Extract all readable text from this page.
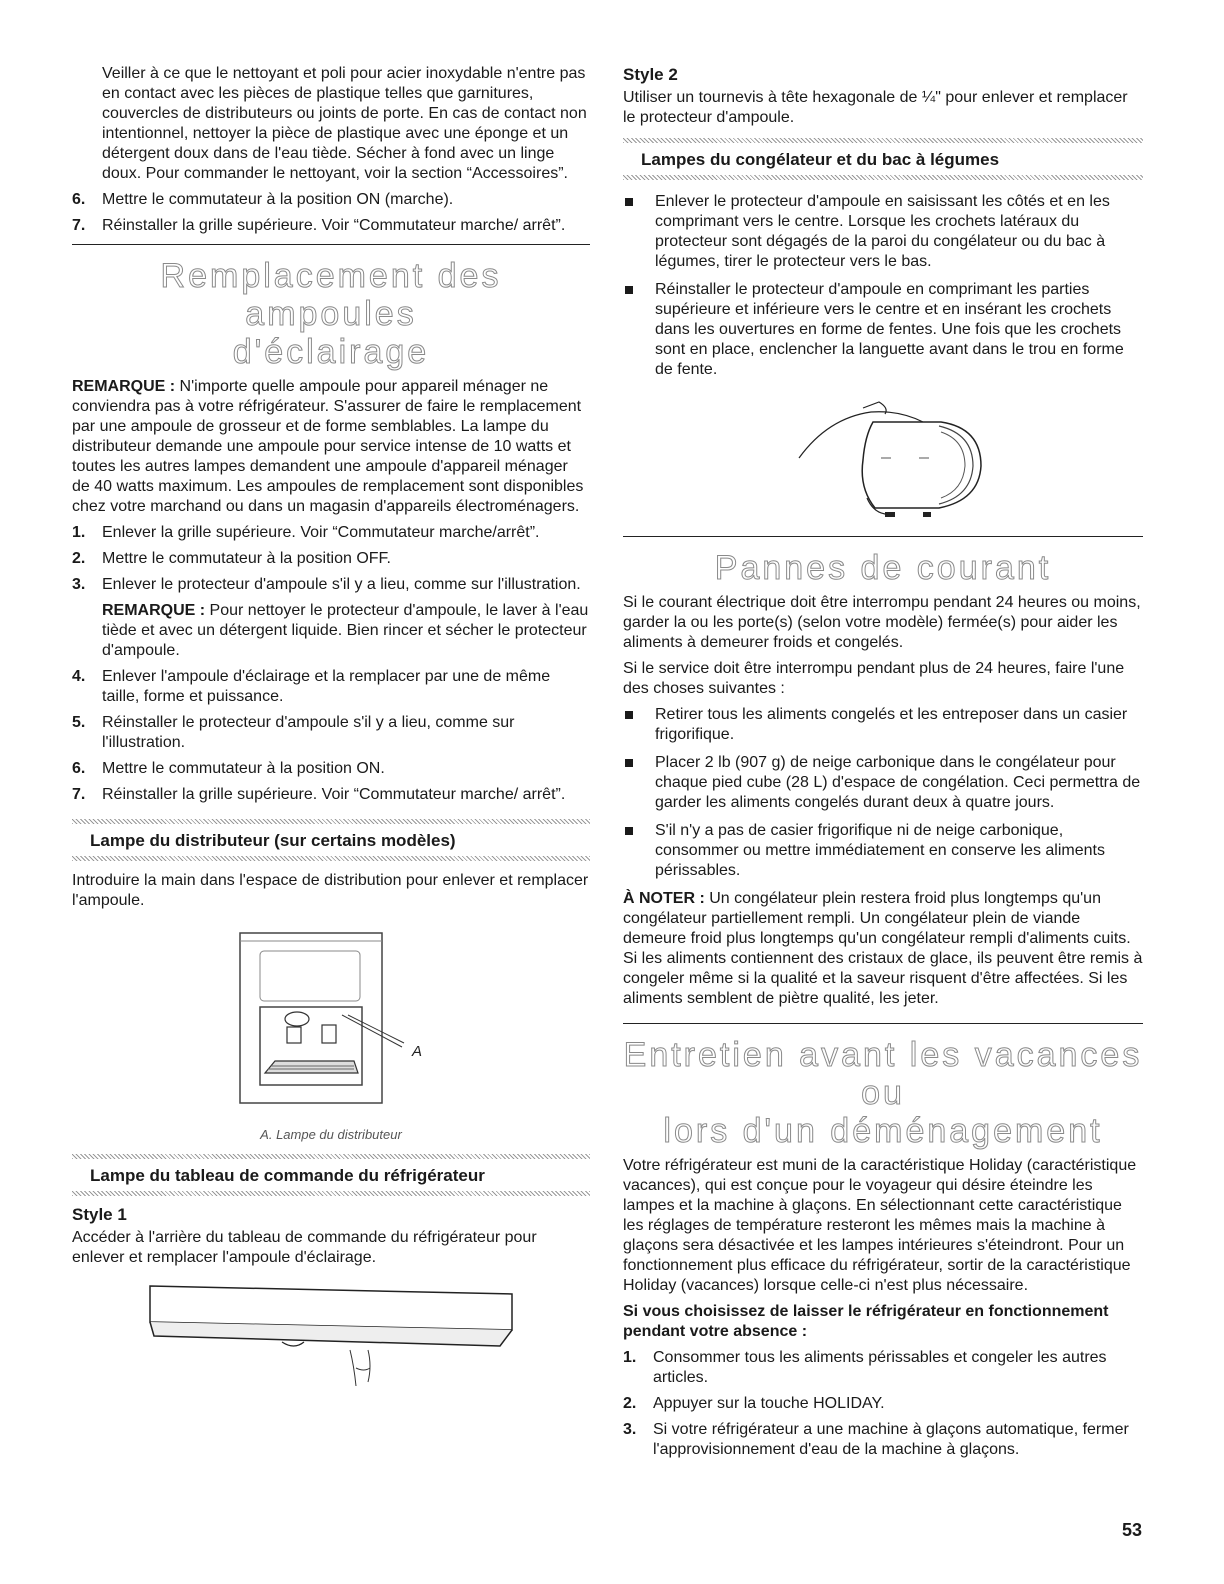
Veiller à ce que le nettoyant et poli pour acier inoxydable n'entre pas en contact avec les pièces de plastique telles que garnitures, couvercles de distributeurs ou joints de porte. En cas de contact non intentionnel, nettoyer la pièce de plastique avec une éponge et un détergent doux dans de l'eau tiède. Sécher à fond avec un linge doux. Pour commander le nettoyant, voir la section “Accessoires”.

6. Mettre le commutateur à la position ON (marche).
7. Réinstaller la grille supérieure. Voir “Commutateur marche/ arrêt”.
Remplacement des ampoules
d'éclairage

REMARQUE : N'importe quelle ampoule pour appareil ménager ne conviendra pas à votre réfrigérateur. S'assurer de faire le remplacement par une ampoule de grosseur et de forme semblables. La lampe du distributeur demande une ampoule pour service intense de 10 watts et toutes les autres lampes demandent une ampoule d'appareil ménager de 40 watts maximum. Les ampoules de remplacement sont disponibles chez votre marchand ou dans un magasin d'appareils électroménagers.

1. Enlever la grille supérieure. Voir “Commutateur marche/arrêt”.
2. Mettre le commutateur à la position OFF.
3. Enlever le protecteur d'ampoule s'il y a lieu, comme sur l'illustration.

REMARQUE : Pour nettoyer le protecteur d'ampoule, le laver à l'eau tiède et avec un détergent liquide. Bien rincer et sécher le protecteur d'ampoule.

4. Enlever l'ampoule d'éclairage et la remplacer par une de même taille, forme et puissance.
5. Réinstaller le protecteur d'ampoule s'il y a lieu, comme sur l'illustration.
6. Mettre le commutateur à la position ON.
7. Réinstaller la grille supérieure. Voir “Commutateur marche/ arrêt”.
Lampe du distributeur (sur certains modèles)

Introduire la main dans l'espace de distribution pour enlever et remplacer l'ampoule.

A
A. Lampe du distributeur
Lampe du tableau de commande du réfrigérateur
Style 1

Accéder à l'arrière du tableau de commande du réfrigérateur pour enlever et remplacer l'ampoule d'éclairage.

Style 2

Utiliser un tournevis à tête hexagonale de ¼" pour enlever et remplacer le protecteur d'ampoule.

Lampes du congélateur et du bac à légumes
Enlever le protecteur d'ampoule en saisissant les côtés et en les comprimant vers le centre. Lorsque les crochets latéraux du protecteur sont dégagés de la paroi du congélateur ou du bac à légumes, tirer le protecteur vers le bas.
Réinstaller le protecteur d'ampoule en comprimant les parties supérieure et inférieure vers le centre et en insérant les crochets dans les ouvertures en forme de fentes. Une fois que les crochets sont en place, enclencher la languette avant dans le trou en forme de fente.
Pannes de courant

Si le courant électrique doit être interrompu pendant 24 heures ou moins, garder la ou les porte(s) (selon votre modèle) fermée(s) pour aider les aliments à demeurer froids et congelés.

Si le service doit être interrompu pendant plus de 24 heures, faire l'une des choses suivantes :

Retirer tous les aliments congelés et les entreposer dans un casier frigorifique.
Placer 2 lb (907 g) de neige carbonique dans le congélateur pour chaque pied cube (28 L) d'espace de congélation. Ceci permettra de garder les aliments congelés durant deux à quatre jours.
S'il n'y a pas de casier frigorifique ni de neige carbonique, consommer ou mettre immédiatement en conserve les aliments périssables.

À NOTER : Un congélateur plein restera froid plus longtemps qu'un congélateur partiellement rempli. Un congélateur plein de viande demeure froid plus longtemps qu'un congélateur rempli d'aliments cuits. Si les aliments contiennent des cristaux de glace, ils peuvent être remis à congeler même si la qualité et la saveur risquent d'être affectées. Si les aliments semblent de piètre qualité, les jeter.

Entretien avant les vacances ou
lors d'un déménagement

Votre réfrigérateur est muni de la caractéristique Holiday (caractéristique vacances), qui est conçue pour le voyageur qui désire éteindre les lampes et la machine à glaçons. En sélectionnant cette caractéristique les réglages de température resteront les mêmes mais la machine à glaçons sera désactivée et les lampes intérieures s'éteindront. Pour un fonctionnement plus efficace du réfrigérateur, sortir de la caractéristique Holiday (vacances) lorsque celle-ci n'est plus nécessaire.

Si vous choisissez de laisser le réfrigérateur en fonctionnement pendant votre absence :

1. Consommer tous les aliments périssables et congeler les autres articles.
2. Appuyer sur la touche HOLIDAY.
3. Si votre réfrigérateur a une machine à glaçons automatique, fermer l'approvisionnement d'eau de la machine à glaçons.
53
